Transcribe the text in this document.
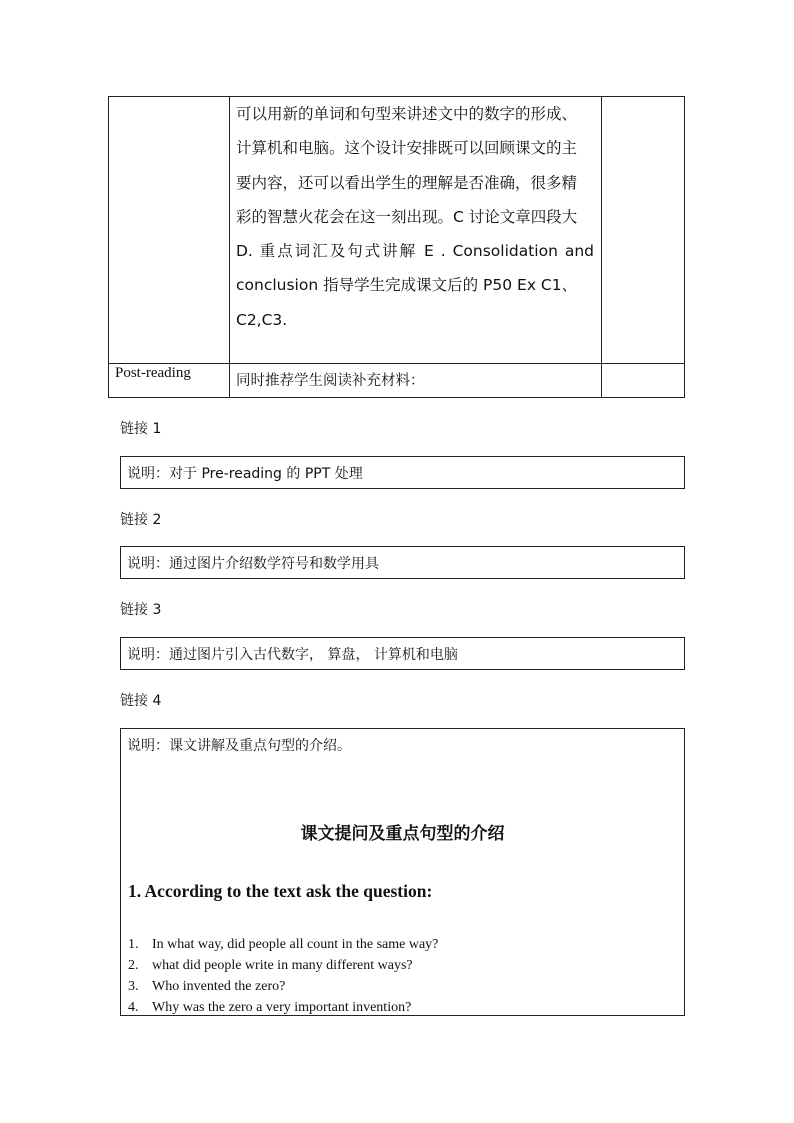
可以用新的单词和句型来讲述文中的数字的形成、
计算机和电脑。这个设计安排既可以回顾课文的主
要内容，还可以看出学生的理解是否准确，很多精
彩的智慧火花会在这一刻出现。C 讨论文章四段大
D. 重点词汇及句式讲解 E . Consolidation and
conclusion 指导学生完成课文后的 P50 Ex C1、
C2,C3.
Post-reading	同时推荐学生阅读补充材料：
链接 1
说明：对于 Pre-reading 的 PPT 处理
链接 2
说明：通过图片介绍数学符号和数学用具
链接 3
说明：通过图片引入古代数字， 算盘， 计算机和电脑
链接 4
说明：课文讲解及重点句型的介绍。
课文提问及重点句型的介绍
1. According to the text ask the question:
1. In what way, did people all count in the same way?
2. what did people write in many different ways?
3. Who invented the zero?
4. Why was the zero a very important invention?
